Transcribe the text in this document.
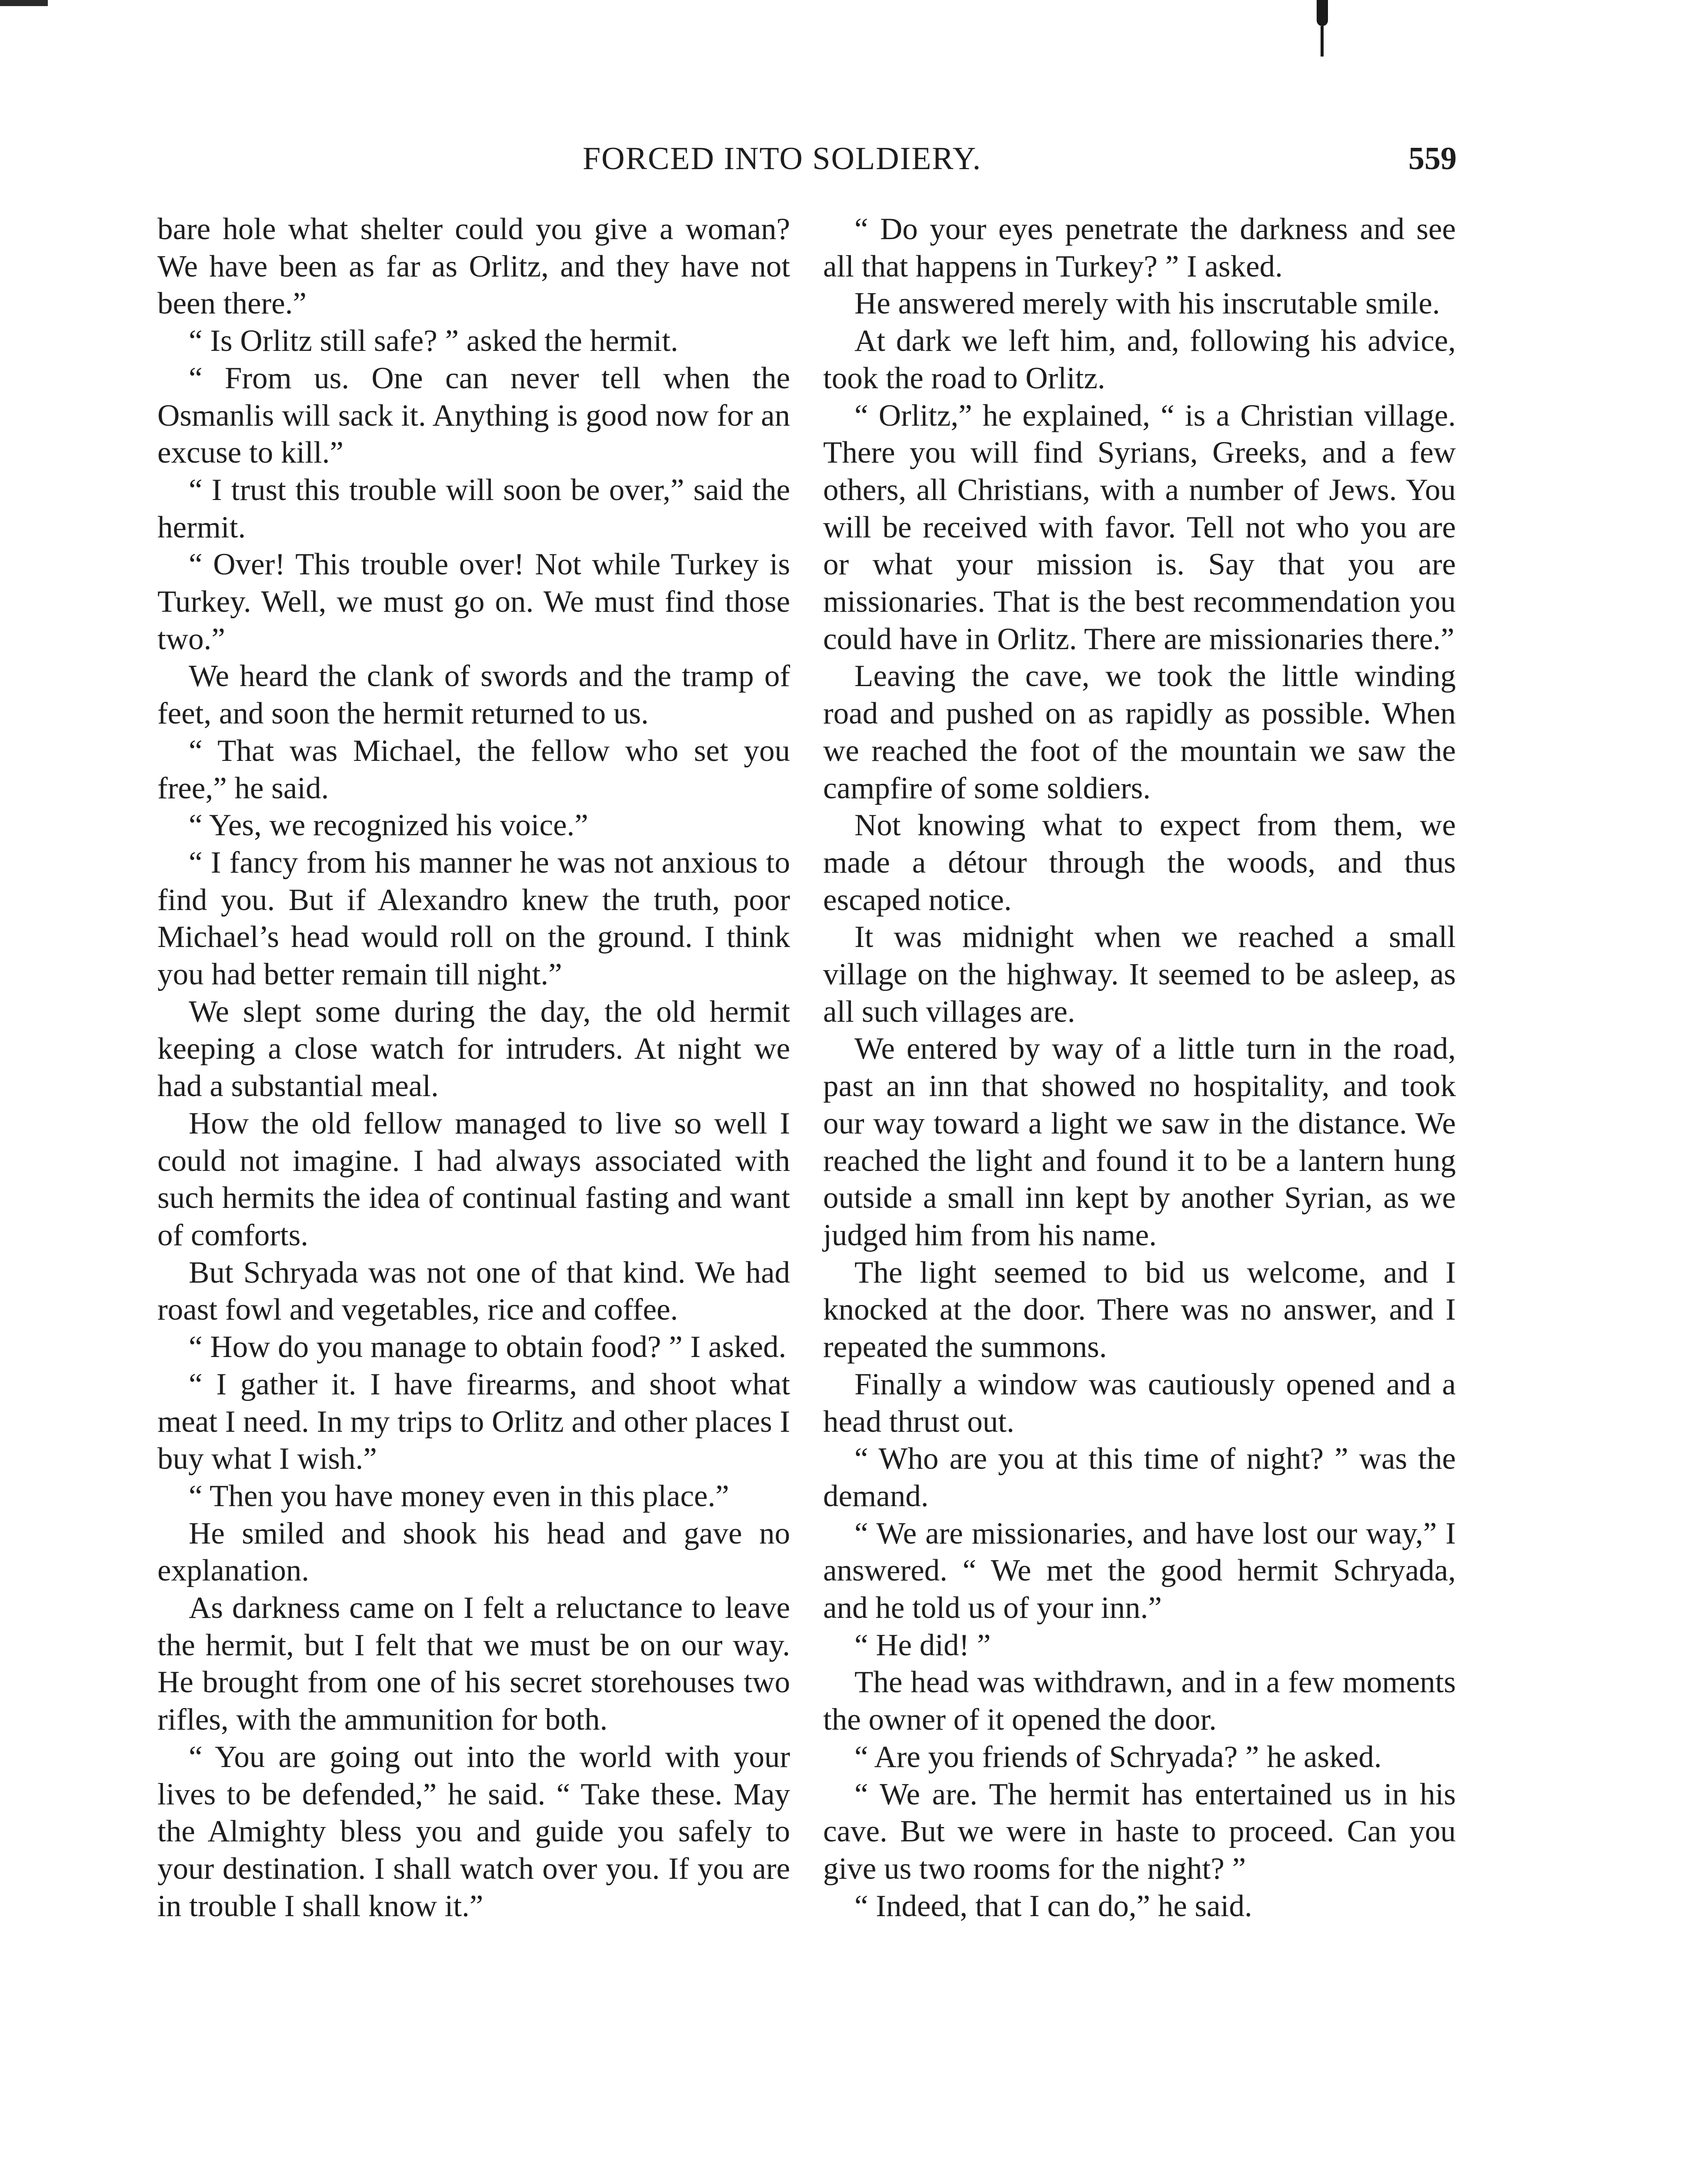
FORCED INTO SOLDIERY.	559

bare hole what shelter could you give a woman? We have been as far as Orlitz, and they have not been there.”

“ Is Orlitz still safe? ” asked the hermit.

“ From us. One can never tell when the Osmanlis will sack it. Anything is good now for an excuse to kill.”

“ I trust this trouble will soon be over,” said the hermit.

“ Over! This trouble over! Not while Turkey is Turkey. Well, we must go on. We must find those two.”

We heard the clank of swords and the tramp of feet, and soon the hermit returned to us.

“ That was Michael, the fellow who set you free,” he said.

“ Yes, we recognized his voice.”

“ I fancy from his manner he was not anxious to find you. But if Alexandro knew the truth, poor Michael’s head would roll on the ground. I think you had better remain till night.”

We slept some during the day, the old hermit keeping a close watch for intruders. At night we had a substantial meal.

How the old fellow managed to live so well I could not imagine. I had always associated with such hermits the idea of continual fasting and want of comforts.

But Schryada was not one of that kind. We had roast fowl and vegetables, rice and coffee.

“ How do you manage to obtain food? ” I asked.

“ I gather it. I have firearms, and shoot what meat I need. In my trips to Orlitz and other places I buy what I wish.”

“ Then you have money even in this place.”

He smiled and shook his head and gave no explanation.

As darkness came on I felt a reluctance to leave the hermit, but I felt that we must be on our way. He brought from one of his secret storehouses two rifles, with the ammunition for both.

“ You are going out into the world with your lives to be defended,” he said. “ Take these. May the Almighty bless you and guide you safely to your destination. I shall watch over you. If you are in trouble I shall know it.”

“ Do your eyes penetrate the darkness and see all that happens in Turkey? ” I asked.

He answered merely with his inscrutable smile.

At dark we left him, and, following his advice, took the road to Orlitz.

“ Orlitz,” he explained, “ is a Christian village. There you will find Syrians, Greeks, and a few others, all Christians, with a number of Jews. You will be received with favor. Tell not who you are or what your mission is. Say that you are missionaries. That is the best recommendation you could have in Orlitz. There are missionaries there.”

Leaving the cave, we took the little winding road and pushed on as rapidly as possible. When we reached the foot of the mountain we saw the campfire of some soldiers.

Not knowing what to expect from them, we made a détour through the woods, and thus escaped notice.

It was midnight when we reached a small village on the highway. It seemed to be asleep, as all such villages are.

We entered by way of a little turn in the road, past an inn that showed no hospitality, and took our way toward a light we saw in the distance. We reached the light and found it to be a lantern hung outside a small inn kept by another Syrian, as we judged him from his name.

The light seemed to bid us welcome, and I knocked at the door. There was no answer, and I repeated the summons.

Finally a window was cautiously opened and a head thrust out.

“ Who are you at this time of night? ” was the demand.

“ We are missionaries, and have lost our way,” I answered. “ We met the good hermit Schryada, and he told us of your inn.”

“ He did! ”

The head was withdrawn, and in a few moments the owner of it opened the door.

“ Are you friends of Schryada? ” he asked.

“ We are. The hermit has entertained us in his cave. But we were in haste to proceed. Can you give us two rooms for the night? ”

“ Indeed, that I can do,” he said.
